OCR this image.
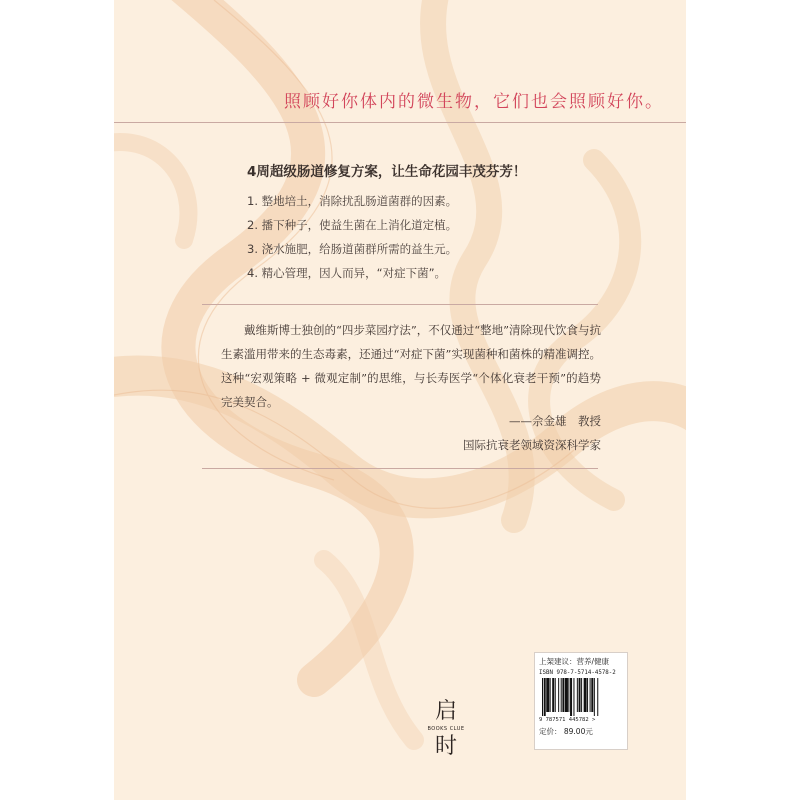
照顾好你体内的微生物，它们也会照顾好你。
4周超级肠道修复方案，让生命花园丰茂芬芳！
1. 整地培土，消除扰乱肠道菌群的因素。
2. 播下种子，使益生菌在上消化道定植。
3. 浇水施肥，给肠道菌群所需的益生元。
4. 精心管理，因人而异，“对症下菌”。
戴维斯博士独创的“四步菜园疗法”，不仅通过“整地”清除现代饮食与抗生素滥用带来的生态毒素，还通过“对症下菌”实现菌种和菌株的精准调控。这种“宏观策略 + 微观定制”的思维，与长寿医学“个体化衰老干预”的趋势完美契合。
——佘金雄　教授
国际抗衰老领域资深科学家
启
BOOKS CLUE
时
上架建议：营养/健康
ISBN 978-7-5714-4578-2
9 787571 445782 >
定价： 89.00元
